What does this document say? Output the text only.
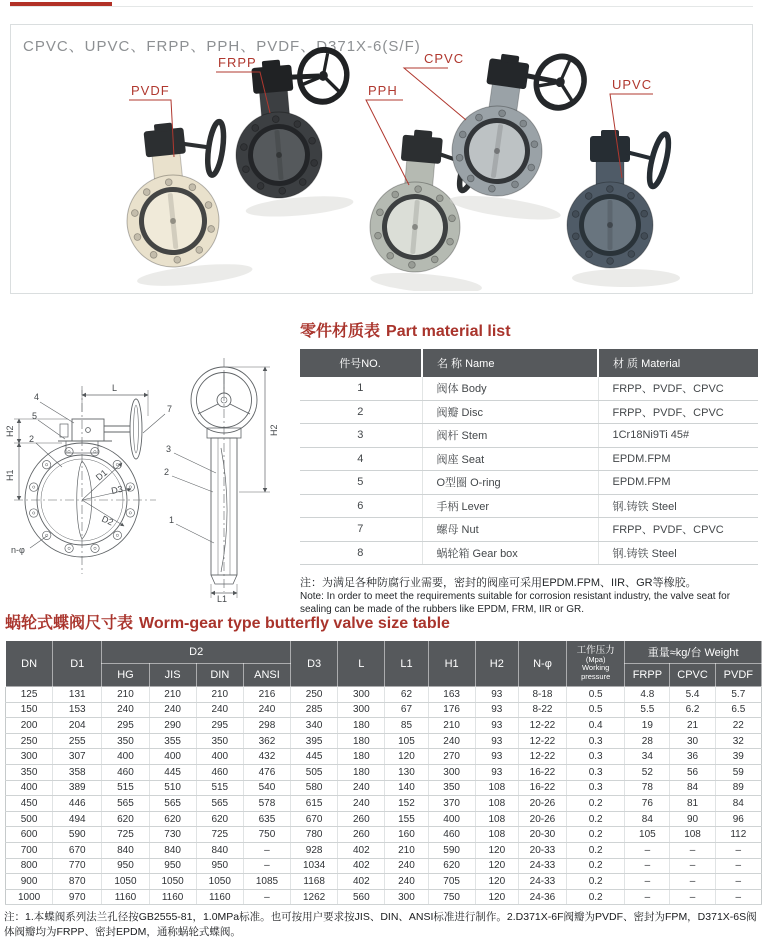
CPVC、UPVC、FRPP、PPH、PVDF、D371X-6(S/F)
PVDF
FRPP
PPH
CPVC
UPVC
L
H2
H1
4
5
2
7
D1
D3
D2
n-φ
3
2
1
H2
L1
零件材质表 Part material list
件号NO.	名 称 Name	材 质 Material
1	阀体 Body	FRPP、PVDF、CPVC
2	阀瓣 Disc	FRPP、PVDF、CPVC
3	阀杆 Stem	1Cr18Ni9Ti 45#
4	阀座 Seat	EPDM.FPM
5	O型圈 O-ring	EPDM.FPM
6	手柄 Lever	钢.铸铁 Steel
7	螺母 Nut	FRPP、PVDF、CPVC
8	蜗轮箱 Gear box	钢.铸铁 Steel
注：为满足各种防腐行业需要，密封的阀座可采用EPDM.FPM、IIR、GR等橡胶。
Note: In order to meet the requirements suitable for corrosion resistant industry, the valve seat for sealing can be made of the rubbers like EPDM, FRM, IIR or GR.
蜗轮式蝶阀尺寸表 Worm-gear type butterfly valve size table
DN	D1	D2				D3	L	L1	H1	H2	N-φ	工作压力
(Mpa)
Working
pressure	重量≈kg/台 Weight		
		HG	JIS	DIN	ANSI								FRPP	CPVC	PVDF
125	131	210	210	210	216	250	300	62	163	93	8-18	0.5	4.8	5.4	5.7
150	153	240	240	240	240	285	300	67	176	93	8-22	0.5	5.5	6.2	6.5
200	204	295	290	295	298	340	180	85	210	93	12-22	0.4	19	21	22
250	255	350	355	350	362	395	180	105	240	93	12-22	0.3	28	30	32
300	307	400	400	400	432	445	180	120	270	93	12-22	0.3	34	36	39
350	358	460	445	460	476	505	180	130	300	93	16-22	0.3	52	56	59
400	389	515	510	515	540	580	240	140	350	108	16-22	0.3	78	84	89
450	446	565	565	565	578	615	240	152	370	108	20-26	0.2	76	81	84
500	494	620	620	620	635	670	260	155	400	108	20-26	0.2	84	90	96
600	590	725	730	725	750	780	260	160	460	108	20-30	0.2	105	108	112
700	670	840	840	840	–	928	402	210	590	120	20-33	0.2	–	–	–
800	770	950	950	950	–	1034	402	240	620	120	24-33	0.2	–	–	–
900	870	1050	1050	1050	1085	1168	402	240	705	120	24-33	0.2	–	–	–
1000	970	1160	1160	1160	–	1262	560	300	750	120	24-36	0.2	–	–	–
注：1.本蝶阀系列法兰孔径按GB2555-81，1.0MPa标准。也可按用户要求按JIS、DIN、ANSI标准进行制作。2.D371X-6F阀瓣为PVDF、密封为FPM，D371X-6S阀体阀瓣均为FRPP、密封EPDM，通称蜗轮式蝶阀。
